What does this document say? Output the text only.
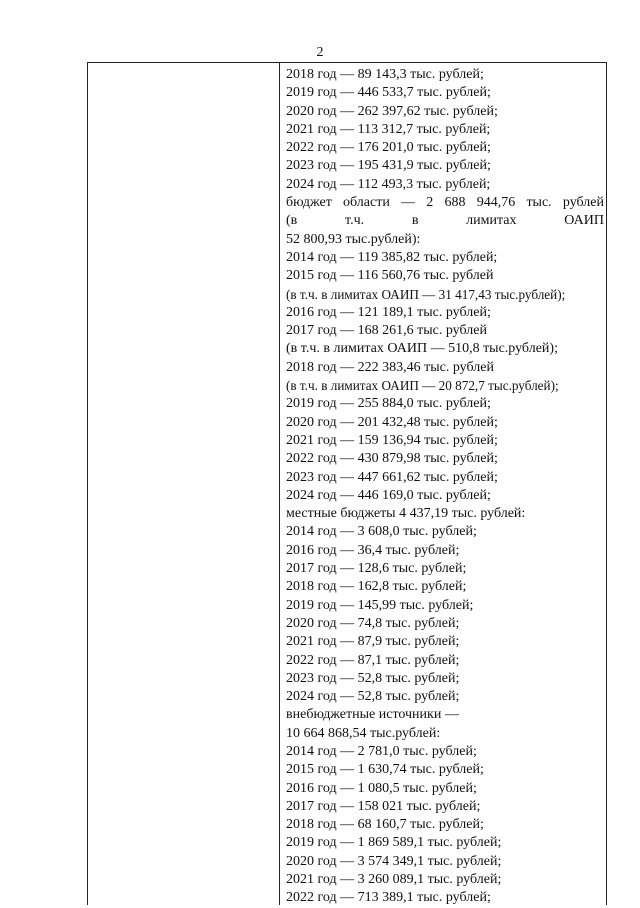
2
2018 год — 89 143,3 тыс. рублей;
2019 год — 446 533,7 тыс. рублей;
2020 год — 262 397,62 тыс. рублей;
2021 год — 113 312,7 тыс. рублей;
2022 год — 176 201,0 тыс. рублей;
2023 год — 195 431,9 тыс. рублей;
2024 год — 112 493,3 тыс. рублей;
бюджет области — 2 688 944,76 тыс. рублей
(в т.ч. в лимитах ОАИП
52 800,93 тыс.рублей):
2014 год — 119 385,82 тыс. рублей;
2015 год — 116 560,76 тыс. рублей
(в т.ч. в лимитах ОАИП — 31 417,43 тыс.рублей);
2016 год — 121 189,1 тыс. рублей;
2017 год — 168 261,6 тыс. рублей
(в т.ч. в лимитах ОАИП — 510,8 тыс.рублей);
2018 год — 222 383,46 тыс. рублей
(в т.ч. в лимитах ОАИП — 20 872,7 тыс.рублей);
2019 год — 255 884,0 тыс. рублей;
2020 год — 201 432,48 тыс. рублей;
2021 год — 159 136,94 тыс. рублей;
2022 год — 430 879,98 тыс. рублей;
2023 год — 447 661,62 тыс. рублей;
2024 год — 446 169,0 тыс. рублей;
местные бюджеты 4 437,19 тыс. рублей:
2014 год — 3 608,0 тыс. рублей;
2016 год — 36,4 тыс. рублей;
2017 год — 128,6 тыс. рублей;
2018 год — 162,8 тыс. рублей;
2019 год — 145,99 тыс. рублей;
2020 год — 74,8 тыс. рублей;
2021 год — 87,9 тыс. рублей;
2022 год — 87,1 тыс. рублей;
2023 год — 52,8 тыс. рублей;
2024 год — 52,8 тыс. рублей;
внебюджетные источники —
10 664 868,54 тыс.рублей:
2014 год — 2 781,0 тыс. рублей;
2015 год — 1 630,74 тыс. рублей;
2016 год — 1 080,5 тыс. рублей;
2017 год — 158 021 тыс. рублей;
2018 год — 68 160,7 тыс. рублей;
2019 год — 1 869 589,1 тыс. рублей;
2020 год — 3 574 349,1 тыс. рублей;
2021 год — 3 260 089,1 тыс. рублей;
2022 год — 713 389,1 тыс. рублей;
